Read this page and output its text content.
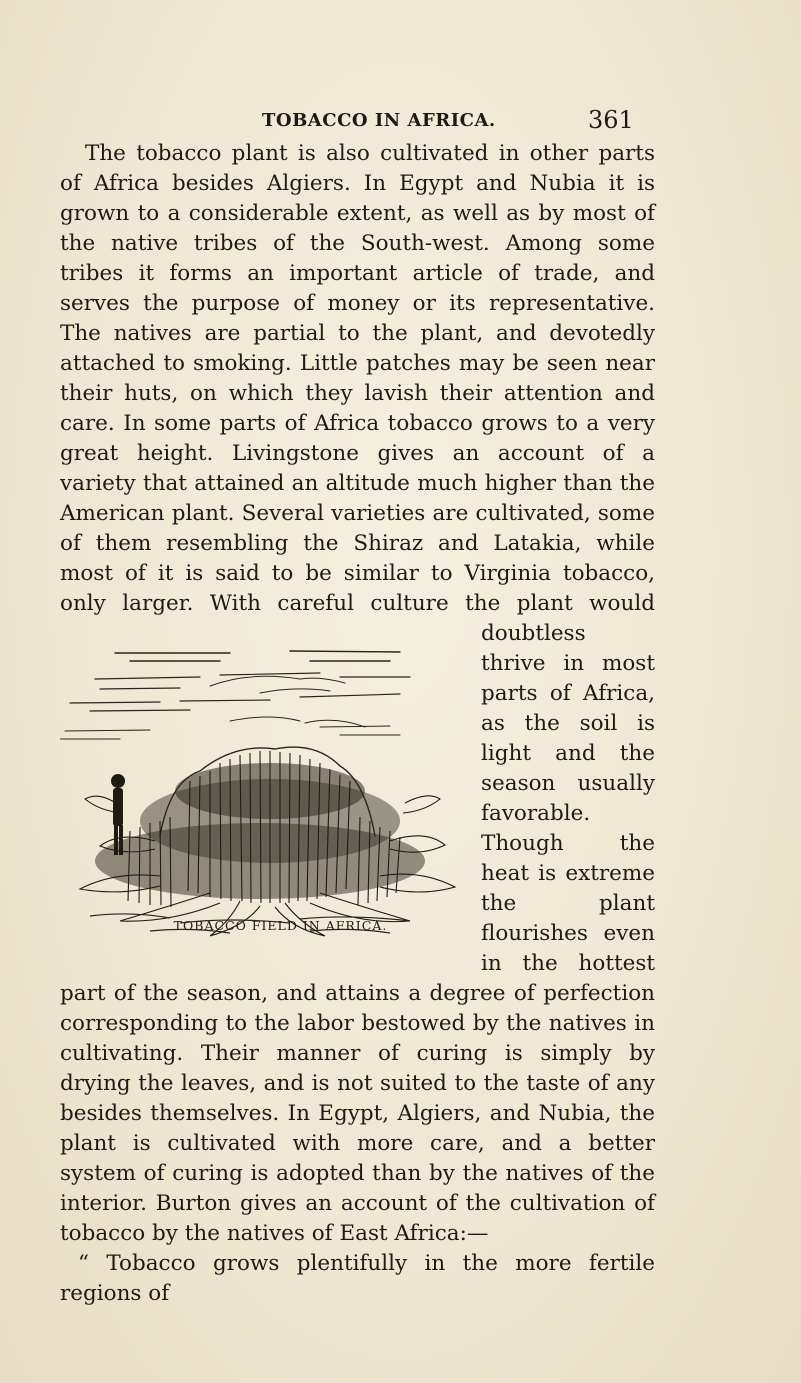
TOBACCO IN AFRICA.	361

The tobacco plant is also cultivated in other parts of Africa besides Algiers. In Egypt and Nubia it is grown to a considerable extent, as well as by most of the native tribes of the South-west. Among some tribes it forms an important article of trade, and serves the purpose of money or its representative. The natives are partial to the plant, and devotedly attached to smoking. Little patches may be seen near their huts, on which they lavish their attention and care. In some parts of Africa tobacco grows to a very great height. Livingstone gives an account of a variety that attained an altitude much higher than the American plant. Several varieties are cultivated, some of them resembling the Shiraz and Latakia, while most of it is said to be similar to Virginia tobacco, only larger. With careful culture the plant would
TOBACCO FIELD IN AFRICA.
doubtless thrive in most parts of Africa, as the soil is light and the season usually favorable. Though the heat is extreme the plant flourishes even in the hottest part of the season, and attains a degree of perfection corresponding to the labor bestowed by the natives in cultivating. Their manner of curing is simply by drying the leaves, and is not suited to the taste of any besides themselves. In Egypt, Algiers, and Nubia, the plant is cultivated with more care, and a better system of curing is adopted than by the natives of the interior. Burton gives an account of the cultivation of tobacco by the natives of East Africa:—

“ Tobacco grows plentifully in the more fertile regions of
